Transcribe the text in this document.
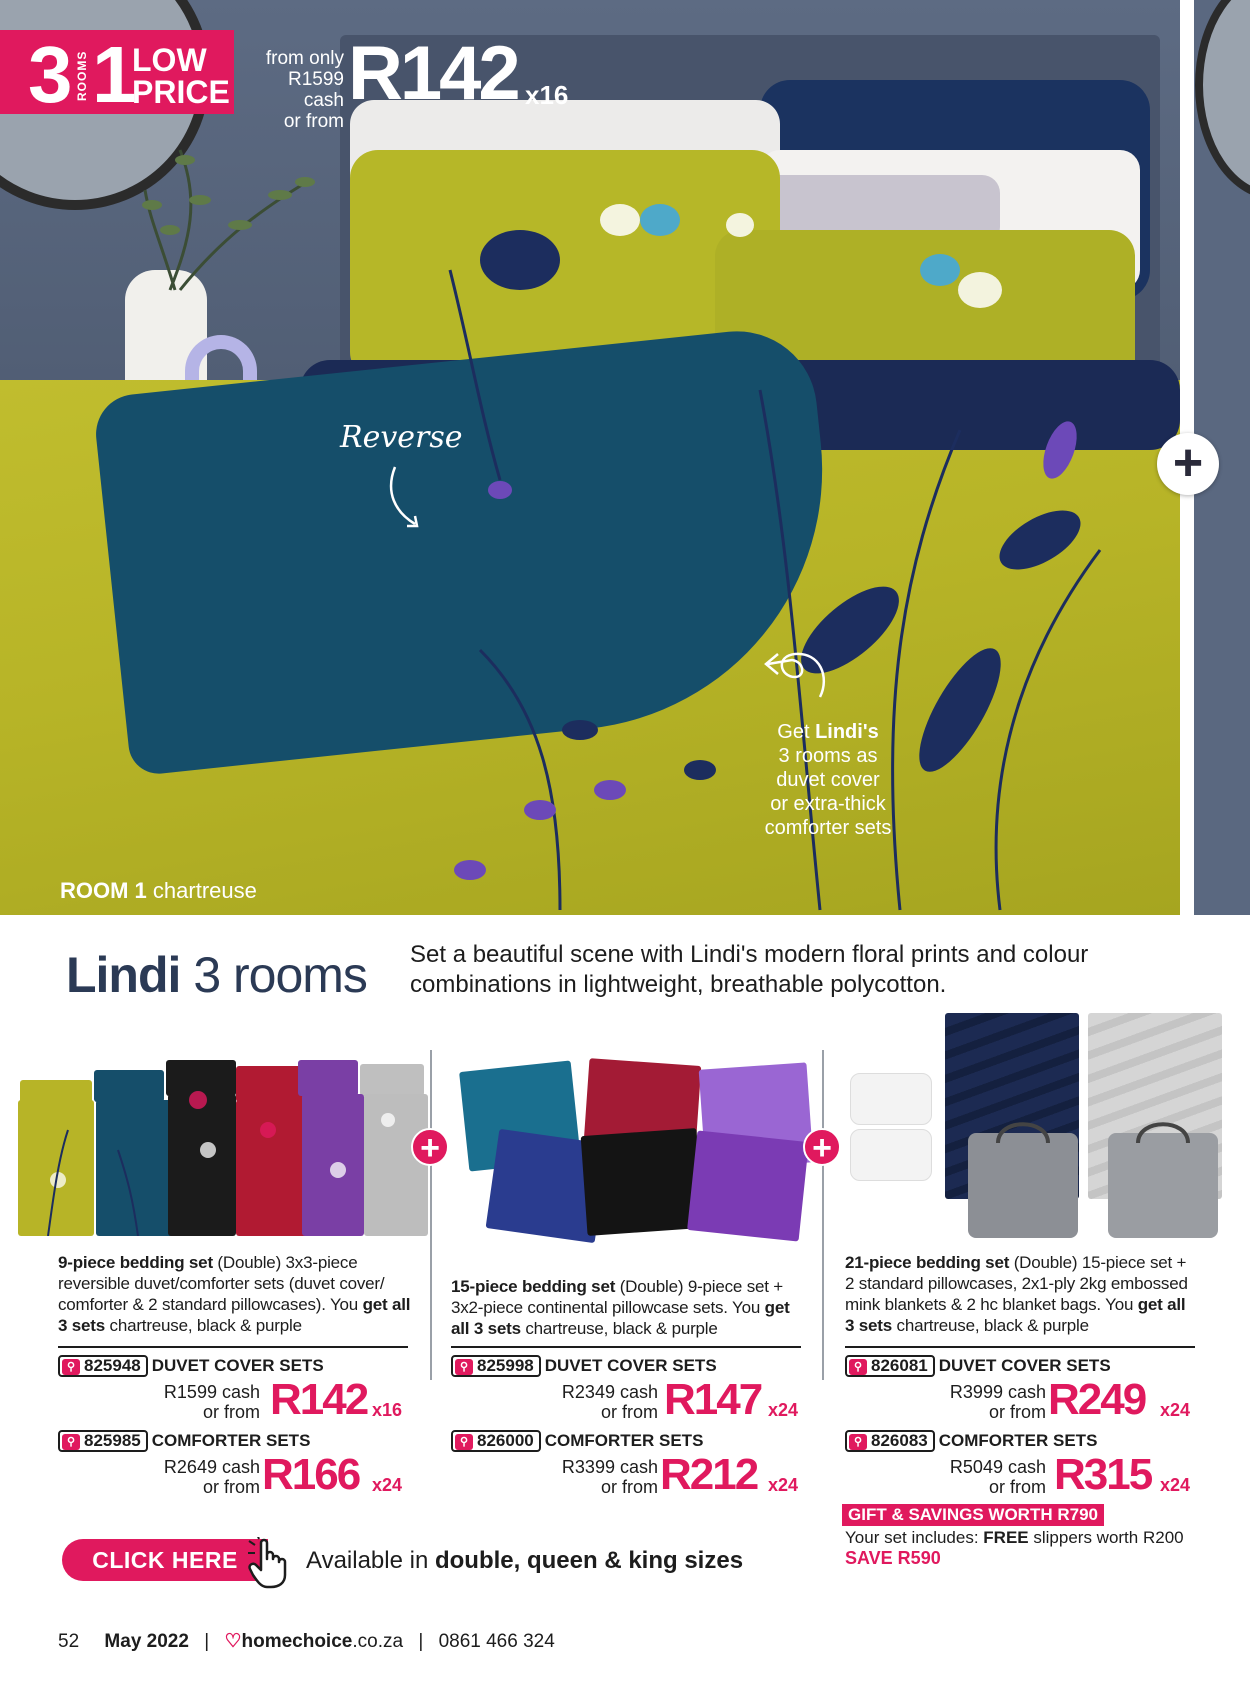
3 ROOMS 1
LOW
PRICE
from only
R1599 cash
or from
R142 x16
Reverse	+
Get Lindi's
3 rooms as
duvet cover
or extra-thick
comforter sets
ROOM 1 chartreuse
Lindi 3 rooms Set a beautiful scene with Lindi's modern floral prints and colour combinations in lightweight, breathable polycotton.
+	+
9-piece bedding set (Double) 3x3-piece reversible duvet/comforter sets (duvet cover/ comforter & 2 standard pillowcases). You get all 3 sets chartreuse, black & purple
⚲ 825948 DUVET COVER SETS
R1599 cash
or from R142 x16
⚲ 825985 COMFORTER SETS
R2649 cash
or from R166 x24
15-piece bedding set (Double) 9-piece set + 3x2-piece continental pillowcase sets. You get all 3 sets chartreuse, black & purple
⚲ 825998 DUVET COVER SETS
R2349 cash
or from R147 x24
⚲ 826000 COMFORTER SETS
R3399 cash
or from R212 x24
21-piece bedding set (Double) 15-piece set + 2 standard pillowcases, 2x1-ply 2kg embossed mink blankets & 2 hc blanket bags. You get all 3 sets chartreuse, black & purple
⚲ 826081 DUVET COVER SETS
R3999 cash
or from R249 x24
⚲ 826083 COMFORTER SETS
R5049 cash
or from R315 x24
GIFT & SAVINGS WORTH R790
Your set includes: FREE slippers worth R200
SAVE R590
CLICK HERE	Available in double, queen & king sizes
52 May 2022 | ♡homechoice.co.za | 0861 466 324
